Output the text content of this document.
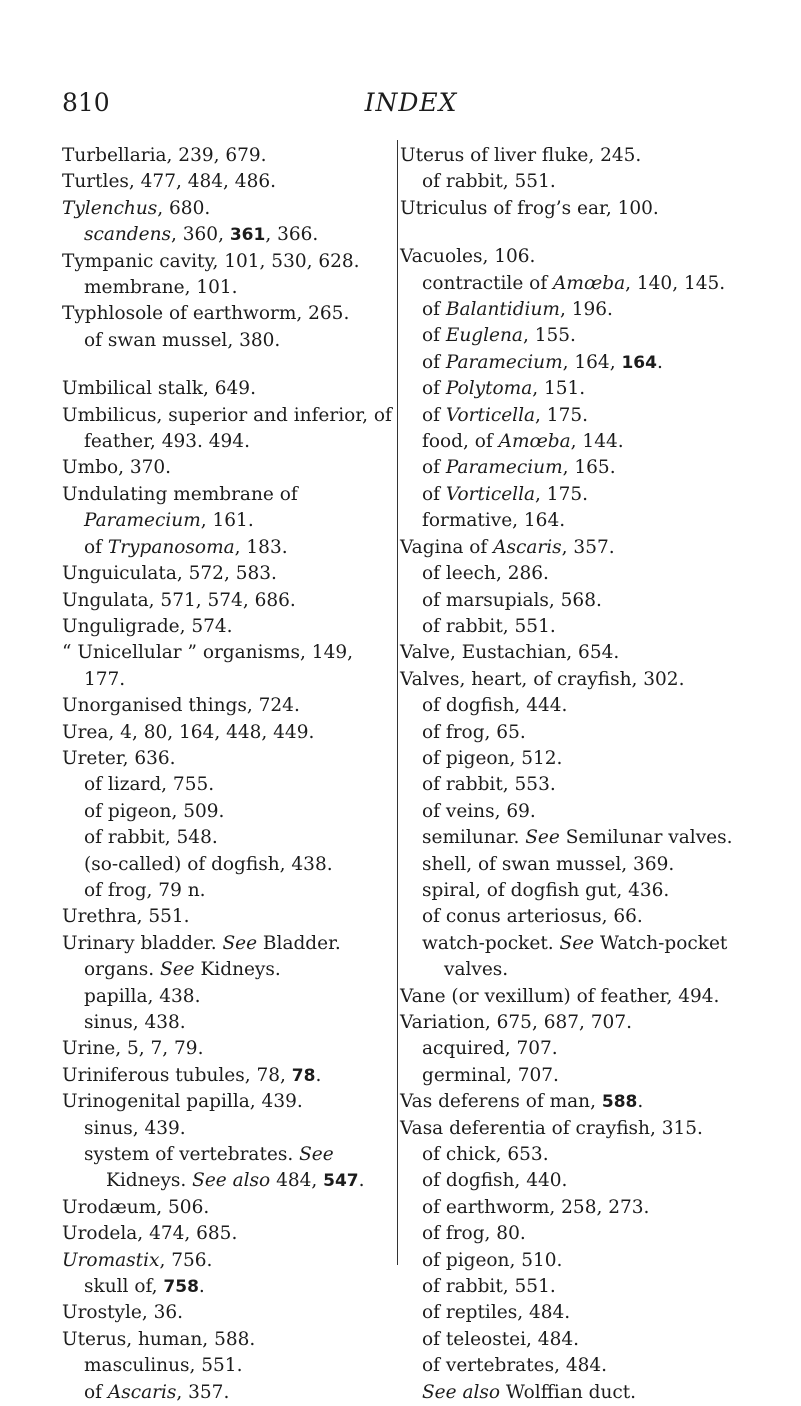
810	INDEX
Turbellaria, 239, 679.
Turtles, 477, 484, 486.
Tylenchus, 680.
scandens, 360, 361, 366.
Tympanic cavity, 101, 530, 628.
membrane, 101.
Typhlosole of earthworm, 265.
of swan mussel, 380.
Umbilical stalk, 649.
Umbilicus, superior and inferior, of feather, 493. 494.
Umbo, 370.
Undulating membrane of Paramecium, 161.
of Trypanosoma, 183.
Unguiculata, 572, 583.
Ungulata, 571, 574, 686.
Unguligrade, 574.
“ Unicellular ” organisms, 149, 177.
Unorganised things, 724.
Urea, 4, 80, 164, 448, 449.
Ureter, 636.
of lizard, 755.
of pigeon, 509.
of rabbit, 548.
(so-called) of dogfish, 438.
of frog, 79 n.
Urethra, 551.
Urinary bladder. See Bladder.
organs. See Kidneys.
papilla, 438.
sinus, 438.
Urine, 5, 7, 79.
Uriniferous tubules, 78, 78.
Urinogenital papilla, 439.
sinus, 439.
system of vertebrates. See Kidneys. See also 484, 547.
Urodæum, 506.
Urodela, 474, 685.
Uromastix, 756.
skull of, 758.
Urostyle, 36.
Uterus, human, 588.
masculinus, 551.
of Ascaris, 357.
Uterus of liver fluke, 245.
of rabbit, 551.
Utriculus of frog’s ear, 100.
Vacuoles, 106.
contractile of Amœba, 140, 145.
of Balantidium, 196.
of Euglena, 155.
of Paramecium, 164, 164.
of Polytoma, 151.
of Vorticella, 175.
food, of Amœba, 144.
of Paramecium, 165.
of Vorticella, 175.
formative, 164.
Vagina of Ascaris, 357.
of leech, 286.
of marsupials, 568.
of rabbit, 551.
Valve, Eustachian, 654.
Valves, heart, of crayfish, 302.
of dogfish, 444.
of frog, 65.
of pigeon, 512.
of rabbit, 553.
of veins, 69.
semilunar. See Semilunar valves.
shell, of swan mussel, 369.
spiral, of dogfish gut, 436.
of conus arteriosus, 66.
watch-pocket. See Watch-pocket valves.
Vane (or vexillum) of feather, 494.
Variation, 675, 687, 707.
acquired, 707.
germinal, 707.
Vas deferens of man, 588.
Vasa deferentia of crayfish, 315.
of chick, 653.
of dogfish, 440.
of earthworm, 258, 273.
of frog, 80.
of pigeon, 510.
of rabbit, 551.
of reptiles, 484.
of teleostei, 484.
of vertebrates, 484.
See also Wolffian duct.
